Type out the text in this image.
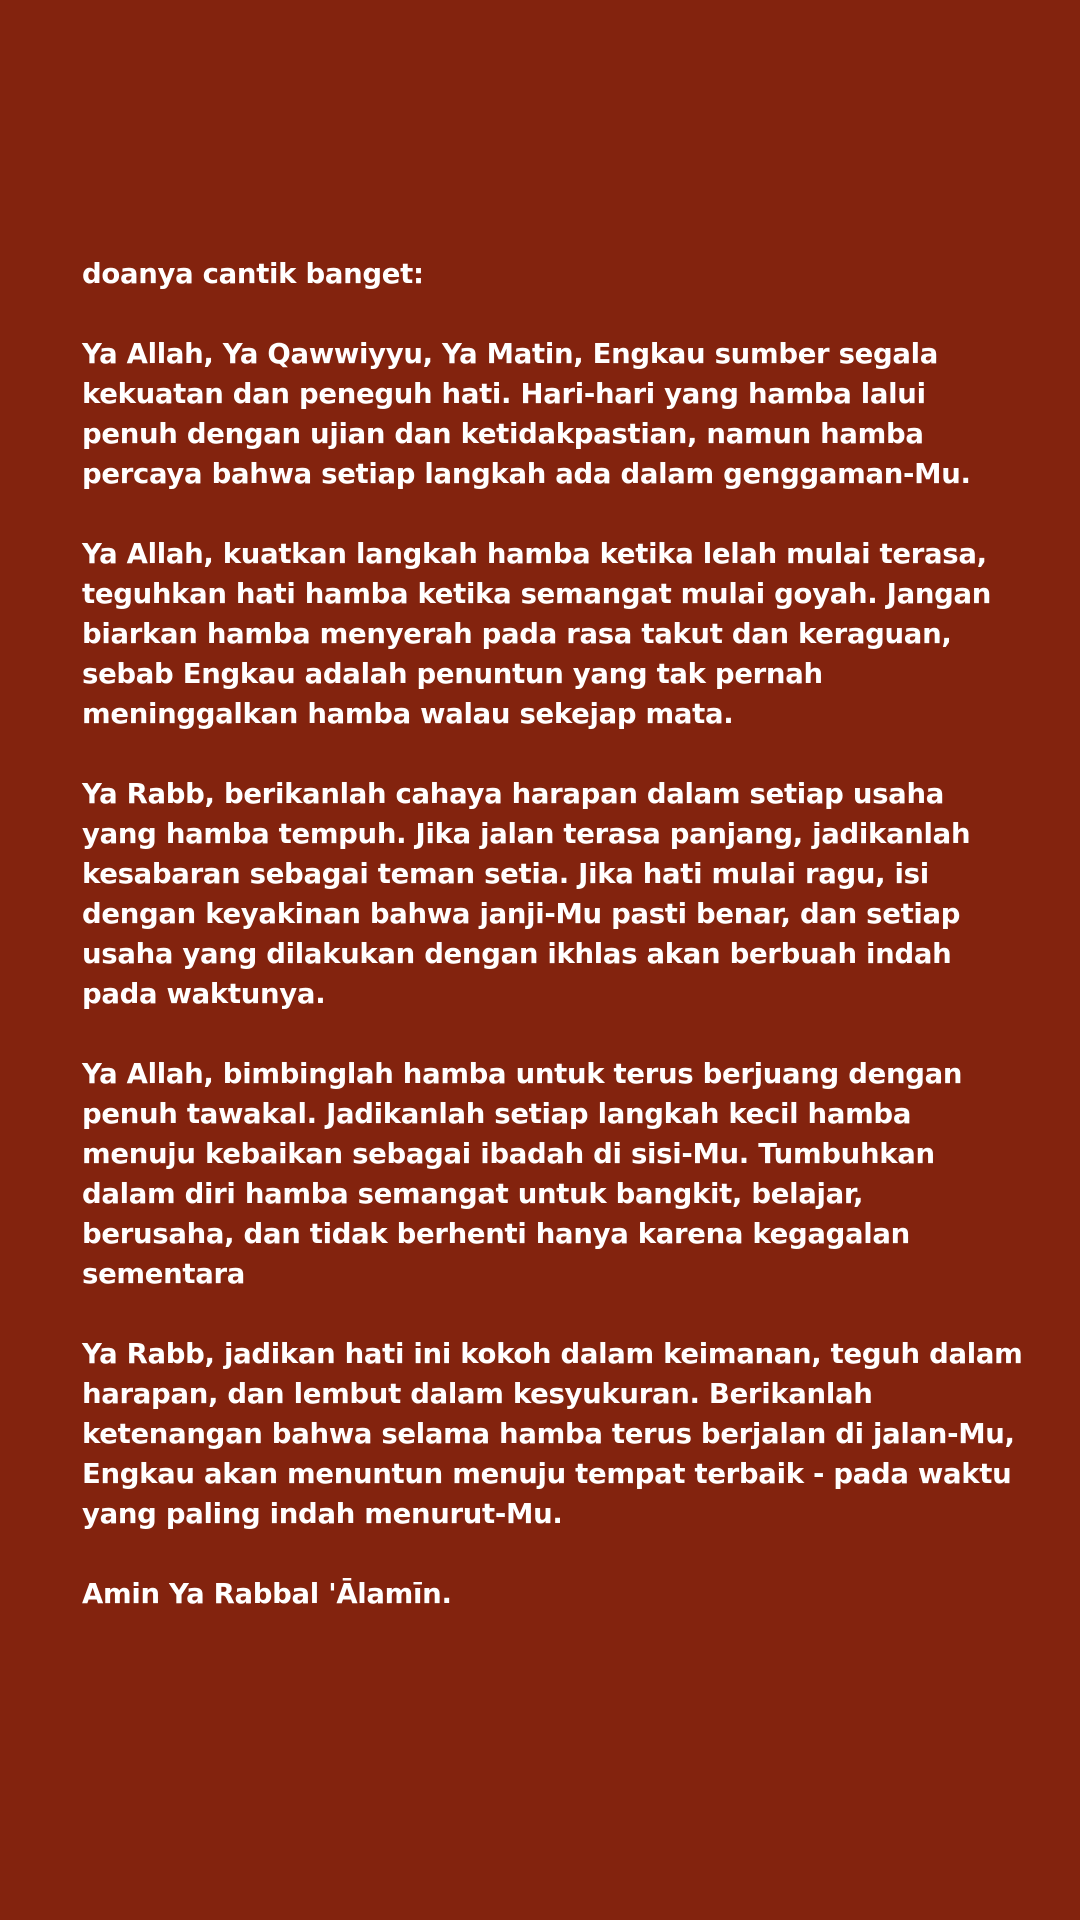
doanya cantik banget:
Ya Allah, Ya Qawwiyyu, Ya Matin, Engkau sumber segala
kekuatan dan peneguh hati. Hari-hari yang hamba lalui
penuh dengan ujian dan ketidakpastian, namun hamba
percaya bahwa setiap langkah ada dalam genggaman-Mu.
Ya Allah, kuatkan langkah hamba ketika lelah mulai terasa,
teguhkan hati hamba ketika semangat mulai goyah. Jangan
biarkan hamba menyerah pada rasa takut dan keraguan,
sebab Engkau adalah penuntun yang tak pernah
meninggalkan hamba walau sekejap mata.
Ya Rabb, berikanlah cahaya harapan dalam setiap usaha
yang hamba tempuh. Jika jalan terasa panjang, jadikanlah
kesabaran sebagai teman setia. Jika hati mulai ragu, isi
dengan keyakinan bahwa janji-Mu pasti benar, dan setiap
usaha yang dilakukan dengan ikhlas akan berbuah indah
pada waktunya.
Ya Allah, bimbinglah hamba untuk terus berjuang dengan
penuh tawakal. Jadikanlah setiap langkah kecil hamba
menuju kebaikan sebagai ibadah di sisi-Mu. Tumbuhkan
dalam diri hamba semangat untuk bangkit, belajar,
berusaha, dan tidak berhenti hanya karena kegagalan
sementara
Ya Rabb, jadikan hati ini kokoh dalam keimanan, teguh dalam
harapan, dan lembut dalam kesyukuran. Berikanlah
ketenangan bahwa selama hamba terus berjalan di jalan-Mu,
Engkau akan menuntun menuju tempat terbaik - pada waktu
yang paling indah menurut-Mu.
Amin Ya Rabbal 'Ālamīn.
